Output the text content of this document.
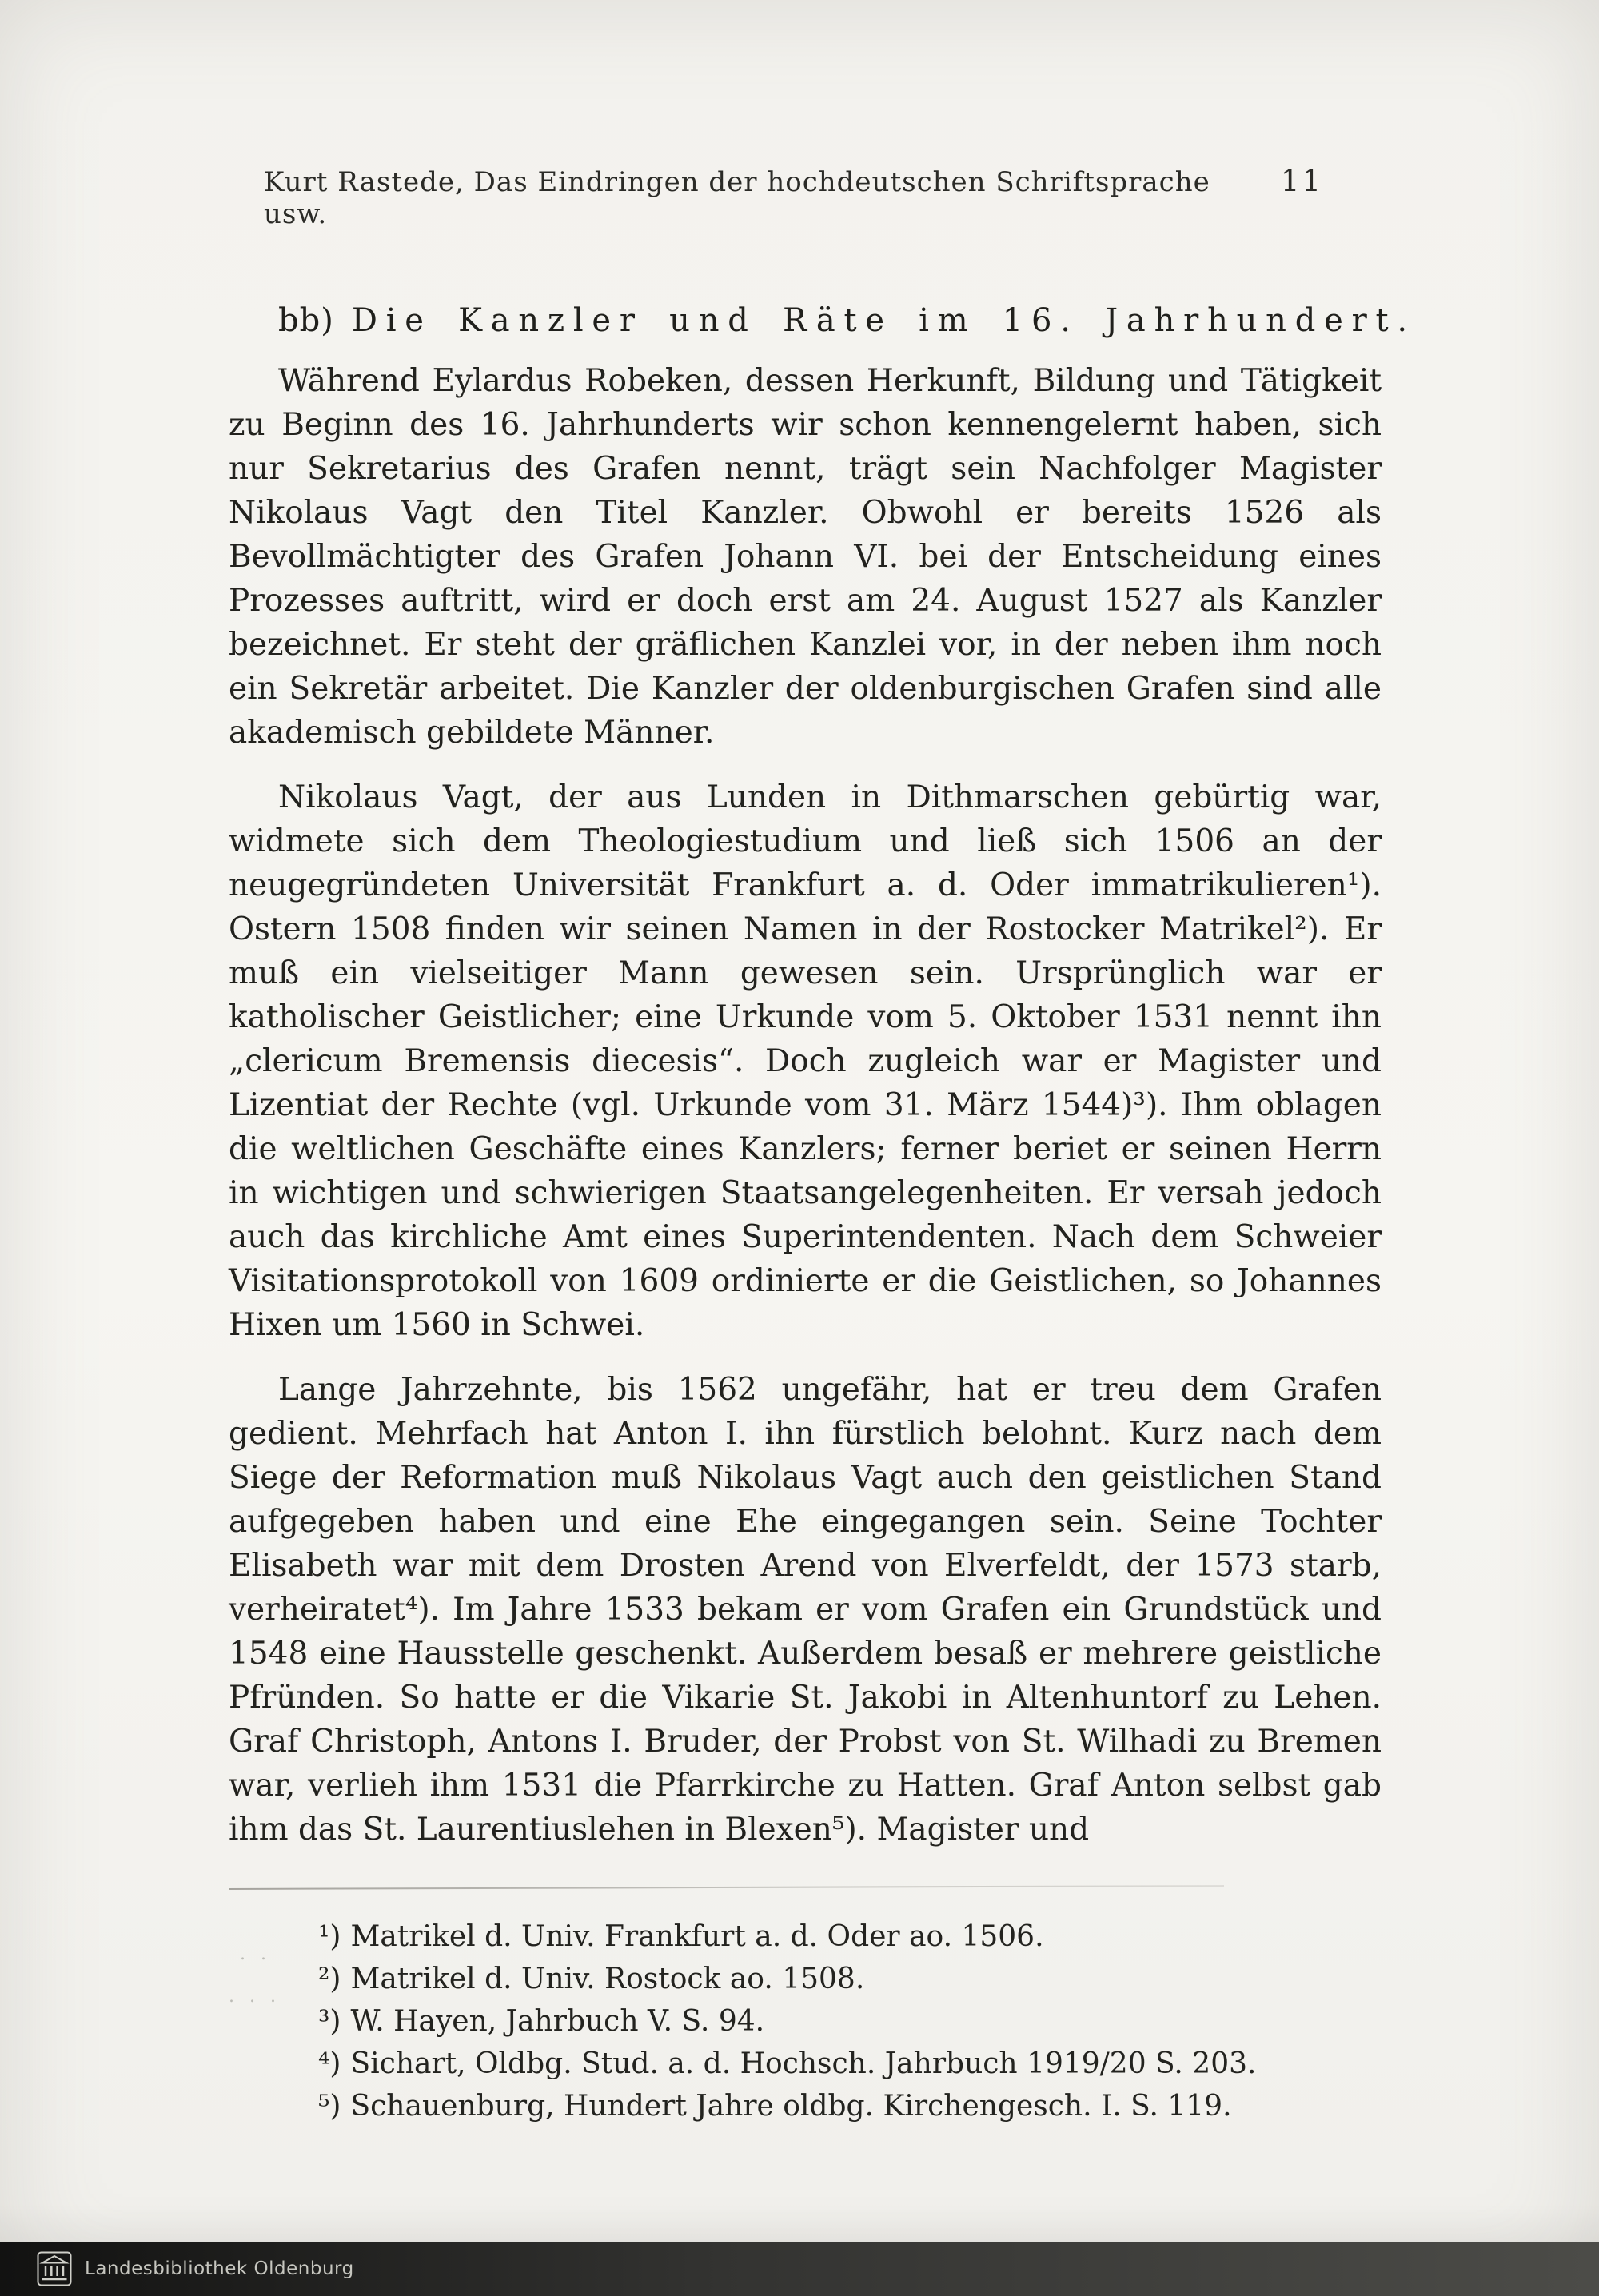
Kurt Rastede, Das Eindringen der hochdeutschen Schriftsprache usw.
11
bb) Die Kanzler und Räte im 16. Jahrhundert.

Während Eylardus Robeken, dessen Herkunft, Bildung und Tätigkeit zu Beginn des 16. Jahrhunderts wir schon kennengelernt haben, sich nur Sekretarius des Grafen nennt, trägt sein Nachfolger Magister Nikolaus Vagt den Titel Kanzler. Obwohl er bereits 1526 als Bevollmächtigter des Grafen Johann VI. bei der Entscheidung eines Prozesses auftritt, wird er doch erst am 24. August 1527 als Kanzler bezeichnet. Er steht der gräflichen Kanzlei vor, in der neben ihm noch ein Sekretär arbeitet. Die Kanzler der oldenburgischen Grafen sind alle akademisch gebildete Männer.

Nikolaus Vagt, der aus Lunden in Dithmarschen gebürtig war, widmete sich dem Theologiestudium und ließ sich 1506 an der neugegründeten Universität Frankfurt a. d. Oder immatrikulieren¹). Ostern 1508 finden wir seinen Namen in der Rostocker Matrikel²). Er muß ein vielseitiger Mann gewesen sein. Ursprünglich war er katholischer Geistlicher; eine Urkunde vom 5. Oktober 1531 nennt ihn „clericum Bremensis diecesis“. Doch zugleich war er Magister und Lizentiat der Rechte (vgl. Urkunde vom 31. März 1544)³). Ihm oblagen die weltlichen Geschäfte eines Kanzlers; ferner beriet er seinen Herrn in wichtigen und schwierigen Staatsangelegenheiten. Er versah jedoch auch das kirchliche Amt eines Superintendenten. Nach dem Schweier Visitationsprotokoll von 1609 ordinierte er die Geistlichen, so Johannes Hixen um 1560 in Schwei.

Lange Jahrzehnte, bis 1562 ungefähr, hat er treu dem Grafen gedient. Mehrfach hat Anton I. ihn fürstlich belohnt. Kurz nach dem Siege der Reformation muß Nikolaus Vagt auch den geistlichen Stand aufgegeben haben und eine Ehe eingegangen sein. Seine Tochter Elisabeth war mit dem Drosten Arend von Elverfeldt, der 1573 starb, verheiratet⁴). Im Jahre 1533 bekam er vom Grafen ein Grundstück und 1548 eine Hausstelle geschenkt. Außerdem besaß er mehrere geistliche Pfründen. So hatte er die Vikarie St. Jakobi in Altenhuntorf zu Lehen. Graf Christoph, Antons I. Bruder, der Probst von St. Wilhadi zu Bremen war, verlieh ihm 1531 die Pfarrkirche zu Hatten. Graf Anton selbst gab ihm das St. Laurentiuslehen in Blexen⁵). Magister und

. .
. . .
¹) Matrikel d. Univ. Frankfurt a. d. Oder ao. 1506.
²) Matrikel d. Univ. Rostock ao. 1508.
³) W. Hayen, Jahrbuch V. S. 94.
⁴) Sichart, Oldbg. Stud. a. d. Hochsch. Jahrbuch 1919/20 S. 203.
⁵) Schauenburg, Hundert Jahre oldbg. Kirchengesch. I. S. 119.
Landesbibliothek Oldenburg
